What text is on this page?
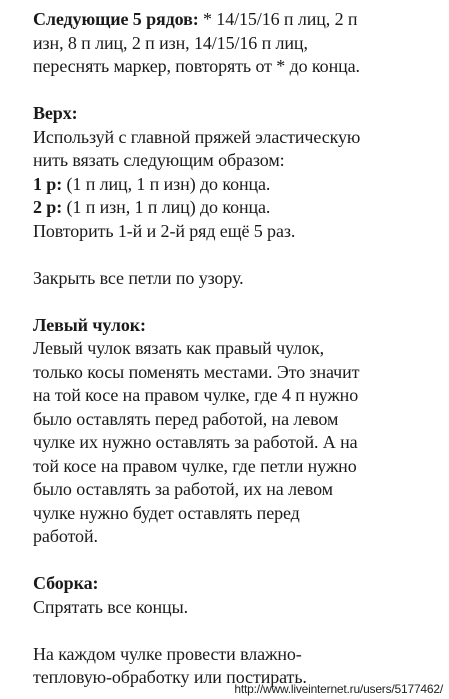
Следующие 5 рядов: * 14/15/16 п лиц, 2 п
изн, 8 п лиц, 2 п изн, 14/15/16 п лиц,
переснять маркер, повторять от * до конца.
Верх:
Используй с главной пряжей эластическую
нить вязать следующим образом:
1 р: (1 п лиц, 1 п изн) до конца.
2 р: (1 п изн, 1 п лиц) до конца.
Повторить 1-й и 2-й ряд ещё 5 раз.
Закрыть все петли по узору.
Левый чулок:
Левый чулок вязать как правый чулок,
только косы поменять местами. Это значит
на той косе на правом чулке, где 4 п нужно
было оставлять перед работой, на левом
чулке их нужно оставлять за работой. А на
той косе на правом чулке, где петли нужно
было оставлять за работой, их на левом
чулке нужно будет оставлять перед
работой.
Сборка:
Спрятать все концы.
На каждом чулке провести влажно-
тепловую-обработку или постирать.
http://www.liveinternet.ru/users/5177462/
